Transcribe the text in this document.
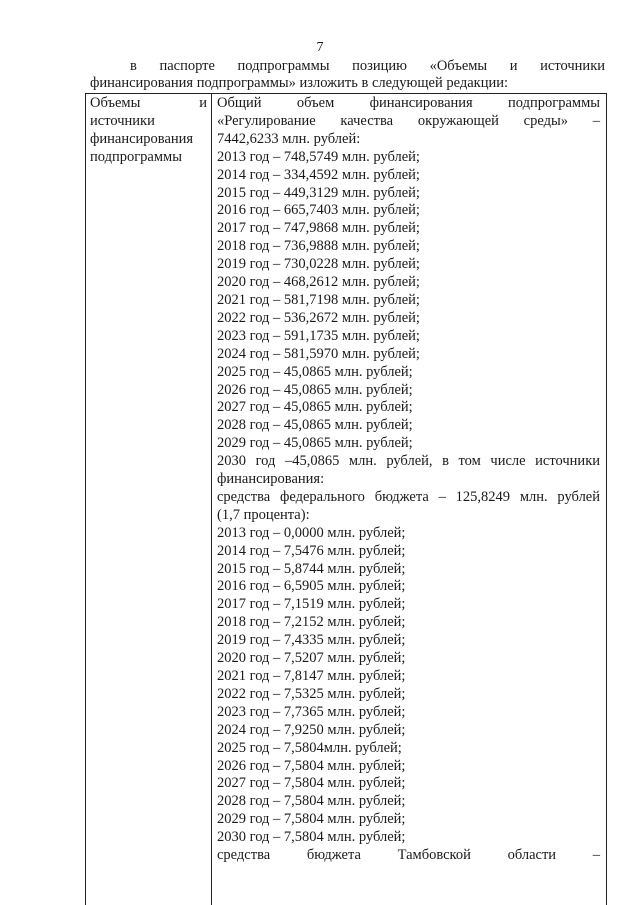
7
в паспорте подпрограммы позицию «Объемы и источники
финансирования подпрограммы» изложить в следующей редакции:
Объемы и
источники
финансирования
подпрограммы
Общий объем финансирования подпрограммы
«Регулирование качества окружающей среды» –
7442,6233 млн. рублей:
2013 год – 748,5749 млн. рублей;
2014 год – 334,4592 млн. рублей;
2015 год – 449,3129 млн. рублей;
2016 год – 665,7403 млн. рублей;
2017 год – 747,9868 млн. рублей;
2018 год – 736,9888 млн. рублей;
2019 год – 730,0228 млн. рублей;
2020 год – 468,2612 млн. рублей;
2021 год – 581,7198 млн. рублей;
2022 год – 536,2672 млн. рублей;
2023 год – 591,1735 млн. рублей;
2024 год – 581,5970 млн. рублей;
2025 год – 45,0865 млн. рублей;
2026 год – 45,0865 млн. рублей;
2027 год – 45,0865 млн. рублей;
2028 год – 45,0865 млн. рублей;
2029 год – 45,0865 млн. рублей;
2030 год –45,0865 млн. рублей, в том числе источники
финансирования:
средства федерального бюджета – 125,8249 млн. рублей
(1,7 процента):
2013 год – 0,0000 млн. рублей;
2014 год – 7,5476 млн. рублей;
2015 год – 5,8744 млн. рублей;
2016 год – 6,5905 млн. рублей;
2017 год – 7,1519 млн. рублей;
2018 год – 7,2152 млн. рублей;
2019 год – 7,4335 млн. рублей;
2020 год – 7,5207 млн. рублей;
2021 год – 7,8147 млн. рублей;
2022 год – 7,5325 млн. рублей;
2023 год – 7,7365 млн. рублей;
2024 год – 7,9250 млн. рублей;
2025 год – 7,5804млн. рублей;
2026 год – 7,5804 млн. рублей;
2027 год – 7,5804 млн. рублей;
2028 год – 7,5804 млн. рублей;
2029 год – 7,5804 млн. рублей;
2030 год – 7,5804 млн. рублей;
средства бюджета Тамбовской области –
